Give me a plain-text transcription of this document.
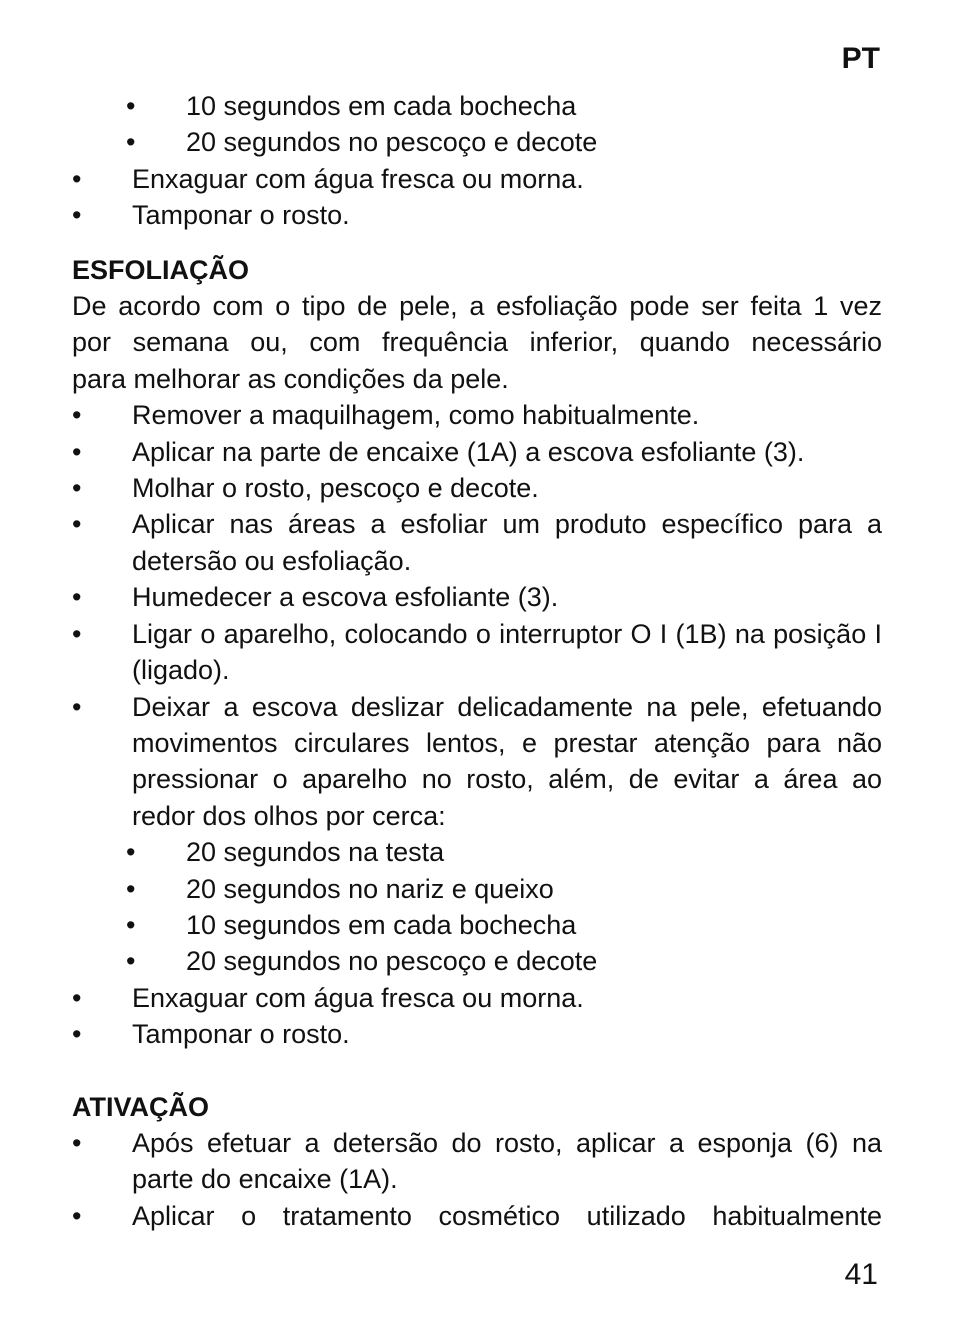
PT
• 10 segundos em cada bochecha
• 20 segundos no pescoço e decote
• Enxaguar com água fresca ou morna.
• Tamponar o rosto.
ESFOLIAÇÃO
De acordo com o tipo de pele, a esfoliação pode ser feita 1 vez
por semana ou, com frequência inferior, quando necessário
para melhorar as condições da pele.
• Remover a maquilhagem, como habitualmente.
• Aplicar na parte de encaixe (1A) a escova esfoliante (3).
• Molhar o rosto, pescoço e decote.
• Aplicar nas áreas a esfoliar um produto específico para a detersão ou esfoliação.
• Humedecer a escova esfoliante (3).
• Ligar o aparelho, colocando o interruptor O I (1B) na posição I (ligado).
• Deixar a escova deslizar delicadamente na pele, efetuando movimentos circulares lentos, e prestar atenção para não pressionar o aparelho no rosto, além, de evitar a área ao redor dos olhos por cerca:
• 20 segundos na testa
• 20 segundos no nariz e queixo
• 10 segundos em cada bochecha
• 20 segundos no pescoço e decote
• Enxaguar com água fresca ou morna.
• Tamponar o rosto.
ATIVAÇÃO
• Após efetuar a detersão do rosto, aplicar a esponja (6) na parte do encaixe (1A).
• Aplicar o tratamento cosmético utilizado habitualmente
41
